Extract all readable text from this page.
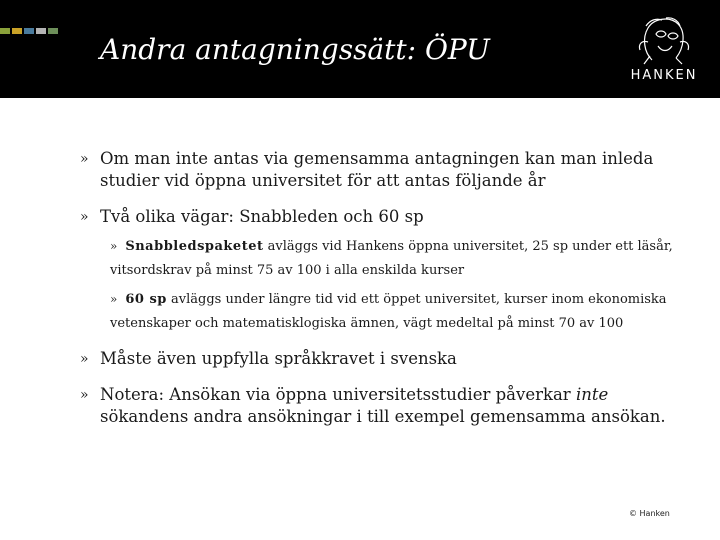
Andra antagningssätt: ÖPU
HANKEN
» Om man inte antas via gemensamma antagningen kan man inleda studier vid öppna universitet för att antas följande år
» Två olika vägar: Snabbleden och 60 sp
» Snabbledspaketet avläggs vid Hankens öppna universitet, 25 sp under ett läsår, vitsordskrav på minst 75 av 100 i alla enskilda kurser
» 60 sp avläggs under längre tid vid ett öppet universitet, kurser inom ekonomiska vetenskaper och matematisklogiska ämnen, vägt medeltal på minst 70 av 100
» Måste även uppfylla språkkravet i svenska
» Notera: Ansökan via öppna universitetsstudier påverkar inte sökandens andra ansökningar i till exempel gemensamma ansökan.
© Hanken
